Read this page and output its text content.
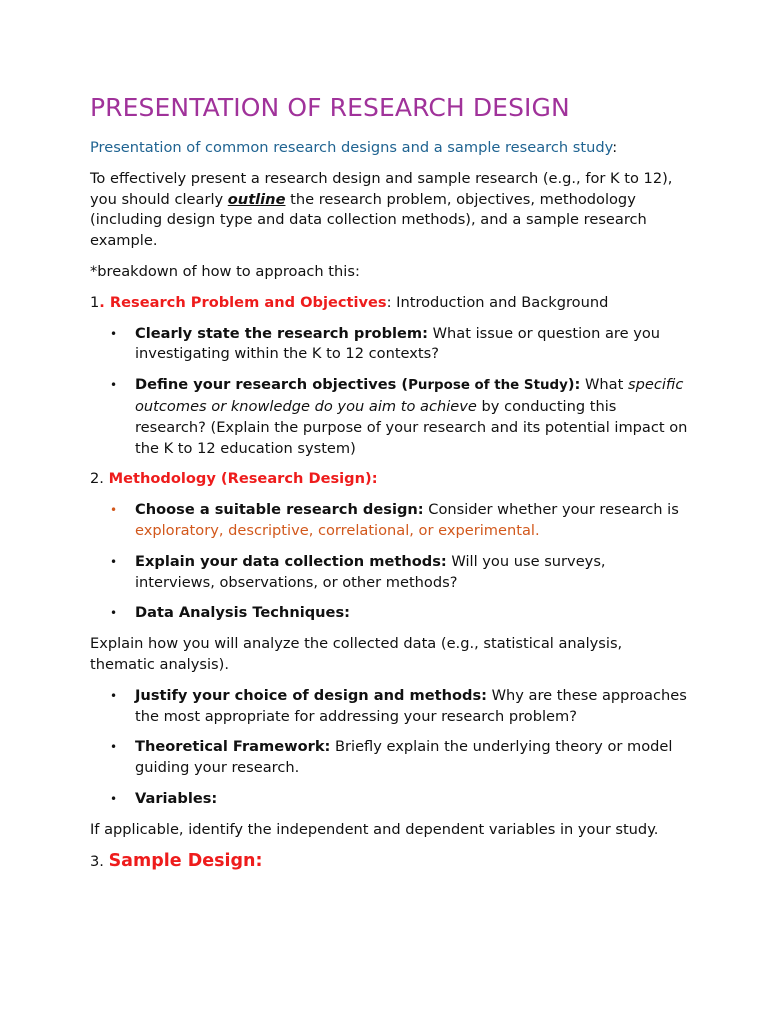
PRESENTATION OF RESEARCH DESIGN

Presentation of common research designs and a sample research study:

To effectively present a research design and sample research (e.g., for K to 12), you should clearly outline the research problem, objectives, methodology (including design type and data collection methods), and a sample research example.

*breakdown of how to approach this:

1. Research Problem and Objectives: Introduction and Background

• Clearly state the research problem: What issue or question are you investigating within the K to 12 contexts?
• Define your research objectives (Purpose of the Study): What specific outcomes or knowledge do you aim to achieve by conducting this research? (Explain the purpose of your research and its potential impact on the K to 12 education system)

2. Methodology (Research Design):

• Choose a suitable research design: Consider whether your research is exploratory, descriptive, correlational, or experimental.
• Explain your data collection methods: Will you use surveys, interviews, observations, or other methods?
• Data Analysis Techniques:

Explain how you will analyze the collected data (e.g., statistical analysis, thematic analysis).

• Justify your choice of design and methods: Why are these approaches the most appropriate for addressing your research problem?
• Theoretical Framework: Briefly explain the underlying theory or model guiding your research.
• Variables:

If applicable, identify the independent and dependent variables in your study.

3. Sample Design:
